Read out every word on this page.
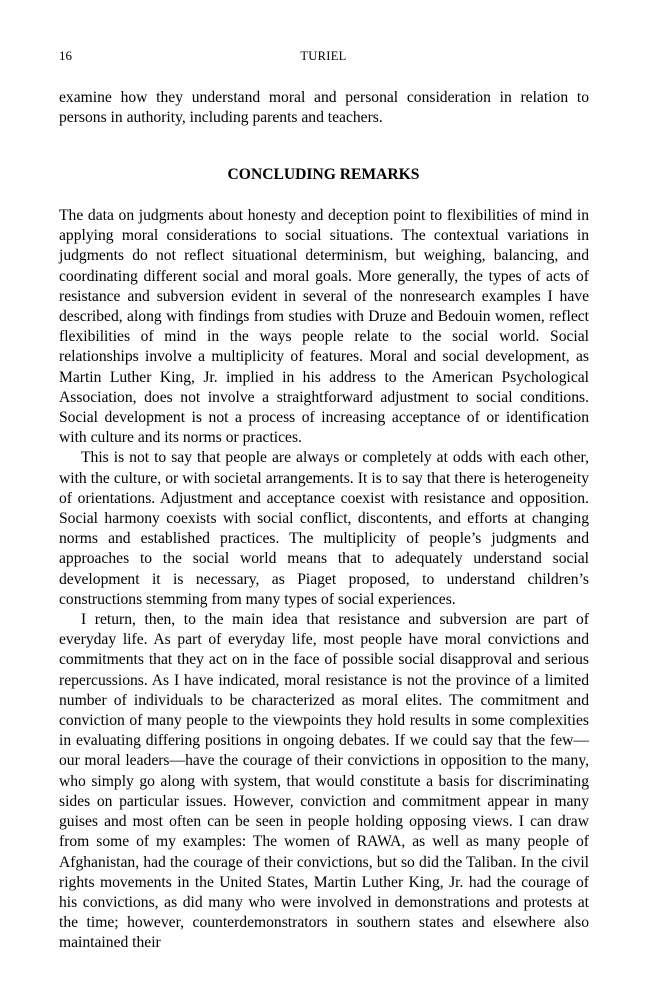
16	TURIEL

examine how they understand moral and personal consideration in relation to persons in authority, including parents and teachers.

CONCLUDING REMARKS

The data on judgments about honesty and deception point to flexibilities of mind in applying moral considerations to social situations. The contextual variations in judgments do not reflect situational determinism, but weighing, balancing, and coordinating different social and moral goals. More generally, the types of acts of resistance and subversion evident in several of the nonresearch examples I have described, along with findings from studies with Druze and Bedouin women, reflect flexibilities of mind in the ways people relate to the social world. Social relationships involve a multiplicity of features. Moral and social development, as Martin Luther King, Jr. implied in his address to the American Psychological Association, does not involve a straightforward adjustment to social conditions. Social development is not a process of increasing acceptance of or identification with culture and its norms or practices.

This is not to say that people are always or completely at odds with each other, with the culture, or with societal arrangements. It is to say that there is heterogeneity of orientations. Adjustment and acceptance coexist with resistance and opposition. Social harmony coexists with social conflict, discontents, and efforts at changing norms and established practices. The multiplicity of people’s judgments and approaches to the social world means that to adequately understand social development it is necessary, as Piaget proposed, to understand children’s constructions stemming from many types of social experiences.

I return, then, to the main idea that resistance and subversion are part of everyday life. As part of everyday life, most people have moral convictions and commitments that they act on in the face of possible social disapproval and serious repercussions. As I have indicated, moral resistance is not the province of a limited number of individuals to be characterized as moral elites. The commitment and conviction of many people to the viewpoints they hold results in some complexities in evaluating differing positions in ongoing debates. If we could say that the few—our moral leaders—have the courage of their convictions in opposition to the many, who simply go along with system, that would constitute a basis for discriminating sides on particular issues. However, conviction and commitment appear in many guises and most often can be seen in people holding opposing views. I can draw from some of my examples: The women of RAWA, as well as many people of Afghanistan, had the courage of their convictions, but so did the Taliban. In the civil rights movements in the United States, Martin Luther King, Jr. had the courage of his convictions, as did many who were involved in demonstrations and protests at the time; however, counterdemonstrators in southern states and elsewhere also maintained their
